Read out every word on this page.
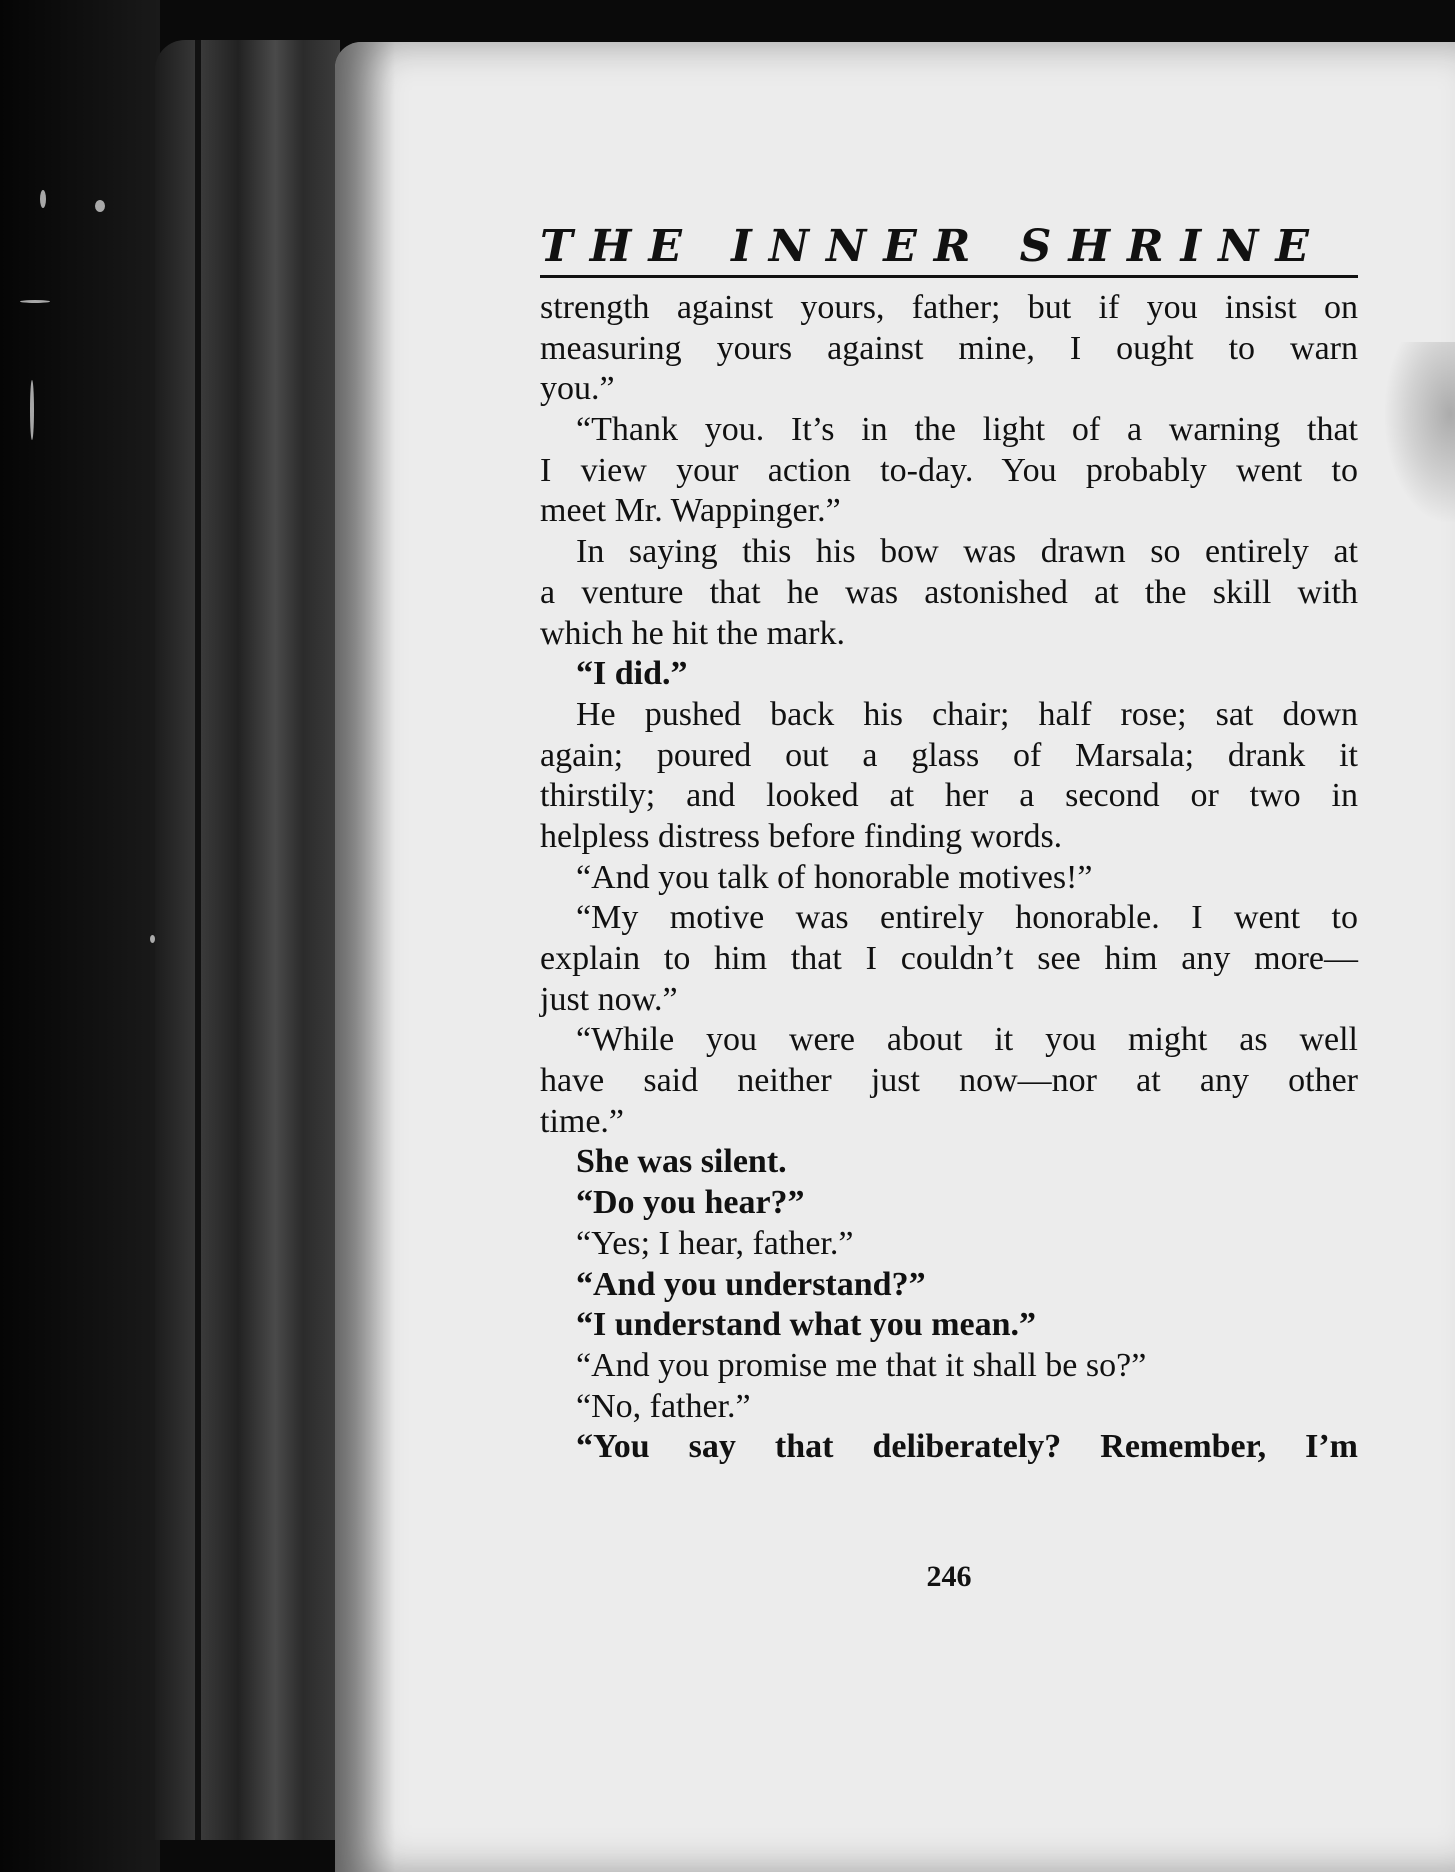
THE INNER SHRINE
strength against yours, father; but if you insist on
measuring yours against mine, I ought to warn
you.”
“Thank you. It’s in the light of a warning that
I view your action to-day. You probably went to
meet Mr. Wappinger.”
In saying this his bow was drawn so entirely at
a venture that he was astonished at the skill with
which he hit the mark.
“I did.”
He pushed back his chair; half rose; sat down
again; poured out a glass of Marsala; drank it
thirstily; and looked at her a second or two in
helpless distress before finding words.
“And you talk of honorable motives!”
“My motive was entirely honorable. I went to
explain to him that I couldn’t see him any more—
just now.”
“While you were about it you might as well
have said neither just now—nor at any other
time.”
She was silent.
“Do you hear?”
“Yes; I hear, father.”
“And you understand?”
“I understand what you mean.”
“And you promise me that it shall be so?”
“No, father.”
“You say that deliberately? Remember, I’m
246
